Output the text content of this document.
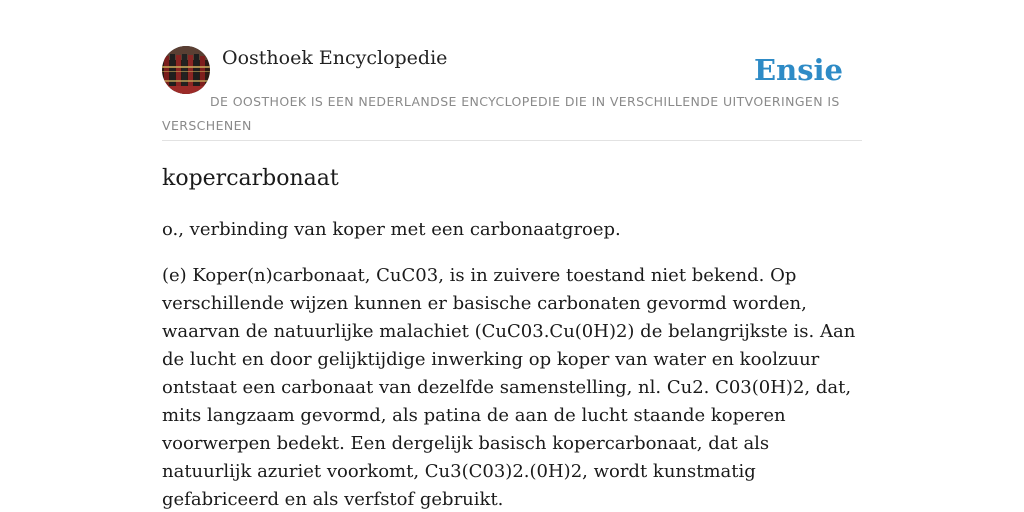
Oosthoek Encyclopedie	Ensie
DE OOSTHOEK IS EEN NEDERLANDSE ENCYCLOPEDIE DIE IN VERSCHILLENDE UITVOERINGEN IS VERSCHENEN
kopercarbonaat

o., verbinding van koper met een carbonaatgroep.

(e) Koper(n)carbonaat, CuC03, is in zuivere toestand niet bekend. Op verschillende wijzen kunnen er basische carbonaten gevormd worden, waarvan de natuurlijke malachiet (CuC03.Cu(0H)2) de belangrijkste is. Aan de lucht en door gelijktijdige inwerking op koper van water en koolzuur ontstaat een carbonaat van dezelfde samenstelling, nl. Cu2. C03(0H)2, dat, mits langzaam gevormd, als patina de aan de lucht staande koperen voorwerpen bedekt. Een dergelijk basisch kopercarbonaat, dat als natuurlijk azuriet voorkomt, Cu3(C03)2.(0H)2, wordt kunstmatig gefabriceerd en als verfstof gebruikt.
